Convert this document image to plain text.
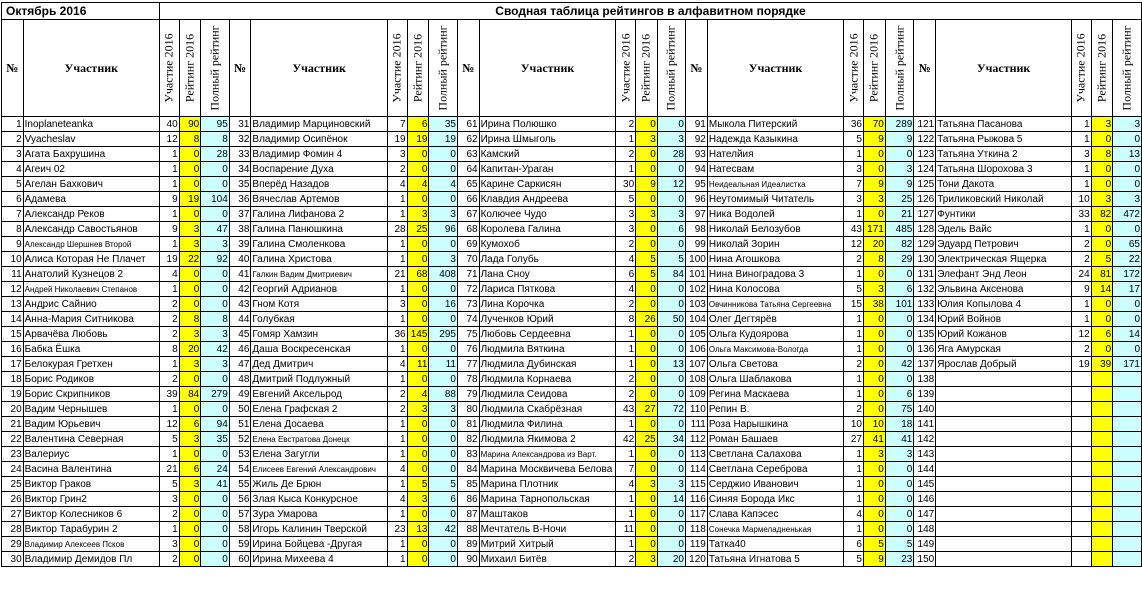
Октябрь 2016		Сводная таблица рейтингов в алфавитном порядке																						
№	Участник	Участие 2016	Рейтинг 2016	Полный рейтинг	№	Участник	Участие 2016	Рейтинг 2016	Полный рейтинг	№	Участник	Участие 2016	Рейтинг 2016	Полный рейтинг	№	Участник	Участие 2016	Рейтинг 2016	Полный рейтинг	№	Участник	Участие 2016	Рейтинг 2016	Полный рейтинг

1	Inoplaneteanka	40	90	95	31	Владимир Марциновский	7	6	35	61	Ирина Полюшко	2	0	0	91	Мыкола Питерский	36	70	289	121	Татьяна Пасанова	1	3	3
2	Vyacheslav	12	8	8	32	Владимир Осипёнок	19	19	19	62	Ирина Шмыголь	1	3	3	92	Надежда Казыкина	5	9	9	122	Татьяна Рыжова 5	1	0	0
3	Агата Бахрушина	1	0	28	33	Владимир Фомин 4	3	0	0	63	Камский	2	0	28	93	Нателйия	1	0	0	123	Татьяна Уткина 2	3	8	13
4	Агеич 02	1	0	0	34	Воспарение Духа	2	0	0	64	Капитан-Ураган	1	0	0	94	Натесвам	3	0	3	124	Татьяна Шорохова 3	1	0	0
5	Агелан Бахкович	1	0	0	35	Вперёд Назадов	4	4	4	65	Карине Саркисян	30	9	12	95	Неидеальная Идеалистка	7	9	9	125	Тони Дакота	1	0	0
6	Адамева	9	19	104	36	Вячеслав Артемов	1	0	0	66	Клавдия Андреева	5	0	0	96	Неутомимый Читатель	3	3	25	126	Триликовский Николай	10	3	3
7	Александр Реков	1	0	0	37	Галина Лифанова 2	1	3	3	67	Колючее Чудо	3	3	3	97	Ника Водолей	1	0	21	127	Фунтики	33	82	472
8	Александр Савостьянов	9	3	47	38	Галина Панюшкина	28	25	96	68	Королева Галина	3	0	6	98	Николай Белозубов	43	171	485	128	Эдель Вайс	1	0	0
9	Александр Шершнев Второй	1	3	3	39	Галина Смоленкова	1	0	0	69	Кумохоб	2	0	0	99	Николай Зорин	12	20	82	129	Эдуард Петрович	2	0	65
10	Алиса Которая Не Плачет	19	22	92	40	Галина Христова	1	0	3	70	Лада Голубь	4	5	5	100	Нина Агошкова	2	8	29	130	Электрическая Ящерка	2	5	22
11	Анатолий Кузнецов 2	4	0	0	41	Галкин Вадим Дмитриевич	21	68	408	71	Лана Сноу	6	5	84	101	Нина Виноградова 3	1	0	0	131	Элефант Энд Леон	24	81	172
12	Андрей Николаевич Степанов	1	0	0	42	Георгий Адрианов	1	0	0	72	Лариса Пяткова	4	0	0	102	Нина Колосова	5	3	6	132	Эльвина Аксенова	9	14	17
13	Андрис Сайнио	2	0	0	43	Гном Котя	3	0	16	73	Лина Корочка	2	0	0	103	Овчинникова Татьяна Сергеевна	15	38	101	133	Юлия Копылова 4	1	0	0
14	Анна-Мария Ситникова	2	8	8	44	Голубкая	1	0	0	74	Лученков Юрий	8	26	50	104	Олег Дегтярёв	1	0	0	134	Юрий Войнов	1	0	0
15	Арвачёва Любовь	2	3	3	45	Гомяр Хамзин	36	145	295	75	Любовь Сердеевна	1	0	0	105	Ольга Кудоярова	1	0	0	135	Юрий Кожанов	12	6	14
16	Бабка Ёшка	8	20	42	46	Даша Воскресенская	1	0	0	76	Людмила Вяткина	1	0	0	106	Ольга Максимова-Вологда	1	0	0	136	Яга Амурская	2	0	0
17	Белокурая Гретхен	1	3	3	47	Дед Дмитрич	4	11	11	77	Людмила Дубинская	1	0	13	107	Ольга Светова	2	0	42	137	Ярослав Добрый	19	39	171
18	Борис Родиков	2	0	0	48	Дмитрий Подлужный	1	0	0	78	Людмила Корнаева	2	0	0	108	Ольга Шаблакова	1	0	0	138				
19	Борис Скрипников	39	84	279	49	Евгений Аксельрод	2	4	88	79	Людмила Сеидова	2	0	0	109	Регина Маскаева	1	0	6	139				
20	Вадим Чернышев	1	0	0	50	Елена Графская 2	2	3	3	80	Людмила Скабрёзная	43	27	72	110	Репин В.	2	0	75	140				
21	Вадим Юрьевич	12	6	94	51	Елена Досаева	1	0	0	81	Людмила Филина	1	0	0	111	Роза Нарышкина	10	10	18	141				
22	Валентина Северная	5	3	35	52	Елена Евстратова Донецк	1	0	0	82	Людмила Якимова 2	42	25	34	112	Роман Башаев	27	41	41	142				
23	Валериус	1	0	0	53	Елена Загугли	1	0	0	83	Марина Александрова из Варт.	1	0	0	113	Светлана Салахова	1	3	3	143				
24	Васина Валентина	21	6	24	54	Елисеев Евгений Александрович	4	0	0	84	Марина Москвичева Белова	7	0	0	114	Светлана Сереброва	1	0	0	144				
25	Виктор Граков	5	3	41	55	Жиль Де Брюн	1	5	5	85	Марина Плотник	4	3	3	115	Серджио Иванович	1	0	0	145				
26	Виктор Грин2	3	0	0	56	Злая Кыса Конкурсное	4	3	6	86	Марина Тарнопольская	1	0	14	116	Синяя Борода Икс	1	0	0	146				
27	Виктор Колесников 6	2	0	0	57	Зура Умарова	1	0	0	87	Маштаков	1	0	0	117	Слава Капэсес	4	0	0	147				
28	Виктор Тарабурин 2	1	0	0	58	Игорь Калинин Тверской	23	13	42	88	Мечтатель В-Ночи	11	0	0	118	Сонечка Мармеладненькая	1	0	0	148				
29	Владимир Алексеев Псков	3	0	0	59	Ирина Бойцева -Другая	1	0	0	89	Митрий Хитрый	1	0	0	119	Татка40	6	5	5	149				
30	Владимир Демидов Пл	2	0	0	60	Ирина Михеева 4	1	0	0	90	Михаил Битёв	2	3	20	120	Татьяна Игнатова 5	5	9	23	150				
